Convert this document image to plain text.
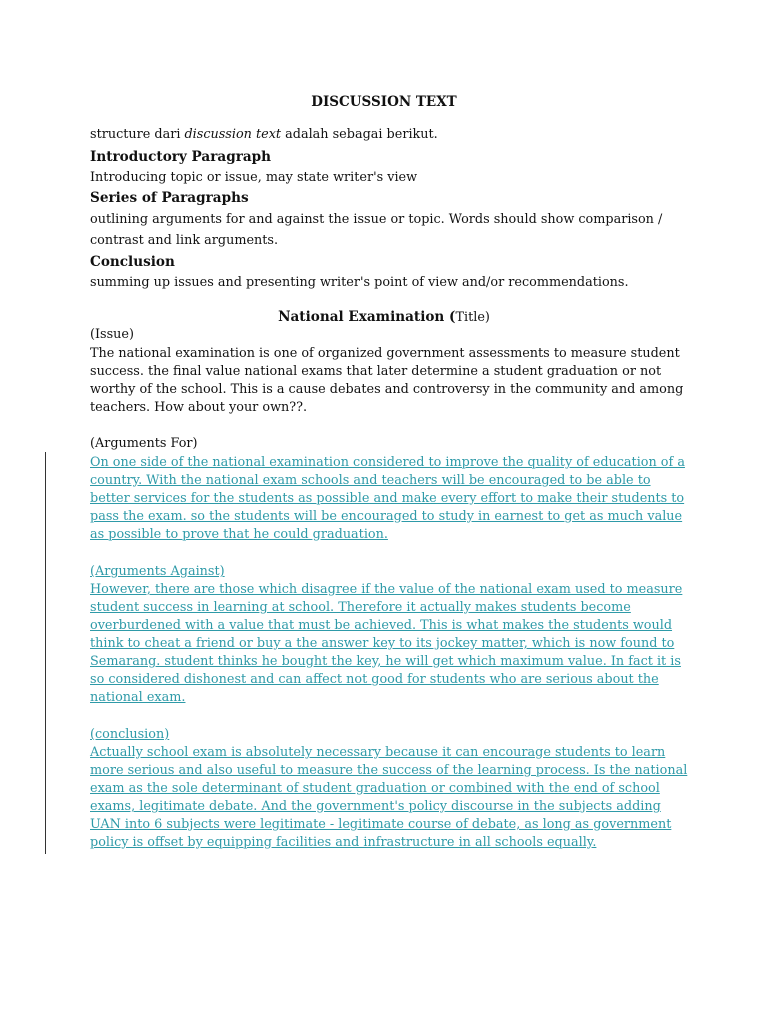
DISCUSSION TEXT
structure dari discussion text adalah sebagai berikut.
Introductory Paragraph
Introducing topic or issue, may state writer's view
Series of Paragraphs
outlining arguments for and against the issue or topic. Words should show comparison /
contrast and link arguments.
Conclusion
summing up issues and presenting writer's point of view and/or recommendations.
National Examination (Title)
(Issue)
The national examination is one of organized government assessments to measure student
success. the final value national exams that later determine a student graduation or not
worthy of the school. This is a cause debates and controversy in the community and among
teachers. How about your own??.
(Arguments For)
On one side of the national examination considered to improve the quality of education of a
country. With the national exam schools and teachers will be encouraged to be able to
better services for the students as possible and make every effort to make their students to
pass the exam. so the students will be encouraged to study in earnest to get as much value
as possible to prove that he could graduation.
(Arguments Against)
However, there are those which disagree if the value of the national exam used to measure
student success in learning at school. Therefore it actually makes students become
overburdened with a value that must be achieved. This is what makes the students would
think to cheat a friend or buy a the answer key to its jockey matter, which is now found to
Semarang. student thinks he bought the key, he will get which maximum value. In fact it is
so considered dishonest and can affect not good for students who are serious about the
national exam.
(conclusion)
Actually school exam is absolutely necessary because it can encourage students to learn
more serious and also useful to measure the success of the learning process. Is the national
exam as the sole determinant of student graduation or combined with the end of school
exams, legitimate debate. And the government's policy discourse in the subjects adding
UAN into 6 subjects were legitimate - legitimate course of debate, as long as government
policy is offset by equipping facilities and infrastructure in all schools equally.
